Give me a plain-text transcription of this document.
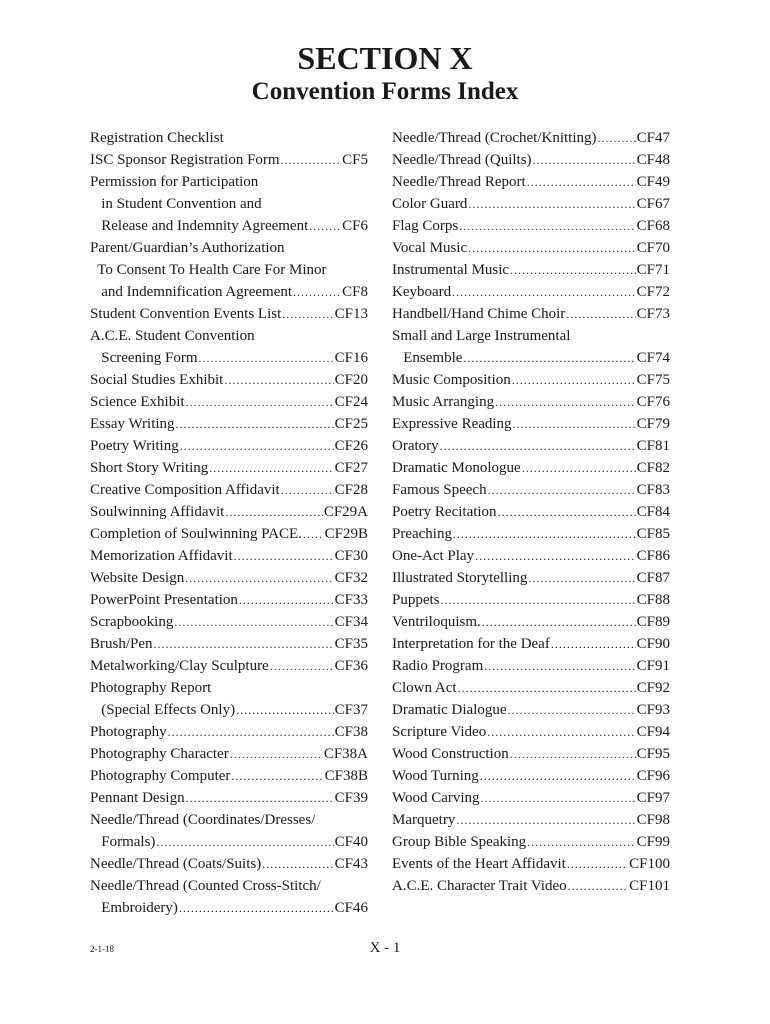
SECTION X
Convention Forms Index
Registration Checklist
ISC Sponsor Registration Form .....	CF5
Permission for Participation
in Student Convention and
Release and Indemnity Agreement ..... CF6
Parent/Guardian’s Authorization
To Consent To Health Care For Minor
and Indemnification Agreement .....	CF8
Student Convention Events List .....	CF13
A.C.E. Student Convention
Screening Form .....	CF16
Social Studies Exhibit .....	CF20
Science Exhibit .....	CF24
Essay Writing .....	CF25
Poetry Writing .....	CF26
Short Story Writing .....	CF27
Creative Composition Affidavit .....	CF28
Soulwinning Affidavit .....	CF29A
Completion of Soulwinning PACE. ..... CF29B
Memorization Affidavit .....	CF30
Website Design .....	CF32
PowerPoint Presentation .....	CF33
Scrapbooking .....	CF34
Brush/Pen .....	CF35
Metalworking/Clay Sculpture .....	CF36
Photography Report
(Special Effects Only) .....	CF37
Photography .....	CF38
Photography Character .....	CF38A
Photography Computer .....	CF38B
Pennant Design .....	CF39
Needle/Thread (Coordinates/Dresses/
Formals) .....	CF40
Needle/Thread (Coats/Suits) .....	CF43
Needle/Thread (Counted Cross-Stitch/
Embroidery) .....	CF46
Needle/Thread (Crochet/Knitting) .....	CF47
Needle/Thread (Quilts) .....	CF48
Needle/Thread Report .....	CF49
Color Guard .....	CF67
Flag Corps .....	CF68
Vocal Music .....	CF70
Instrumental Music .....	CF71
Keyboard .....	CF72
Handbell/Hand Chime Choir .....	CF73
Small and Large Instrumental
Ensemble .....	CF74
Music Composition .....	CF75
Music Arranging .....	CF76
Expressive Reading .....	CF79
Oratory .....	CF81
Dramatic Monologue .....	CF82
Famous Speech .....	CF83
Poetry Recitation .....	CF84
Preaching .....	CF85
One-Act Play .....	CF86
Illustrated Storytelling .....	CF87
Puppets .....	CF88
Ventriloquism. .....	CF89
Interpretation for the Deaf .....	CF90
Radio Program .....	CF91
Clown Act .....	CF92
Dramatic Dialogue .....	CF93
Scripture Video .....	CF94
Wood Construction .....	CF95
Wood Turning .....	CF96
Wood Carving .....	CF97
Marquetry .....	CF98
Group Bible Speaking .....	CF99
Events of the Heart Affidavit .....	CF100
A.C.E. Character Trait Video .....	CF101
2-1-18	X - 1
